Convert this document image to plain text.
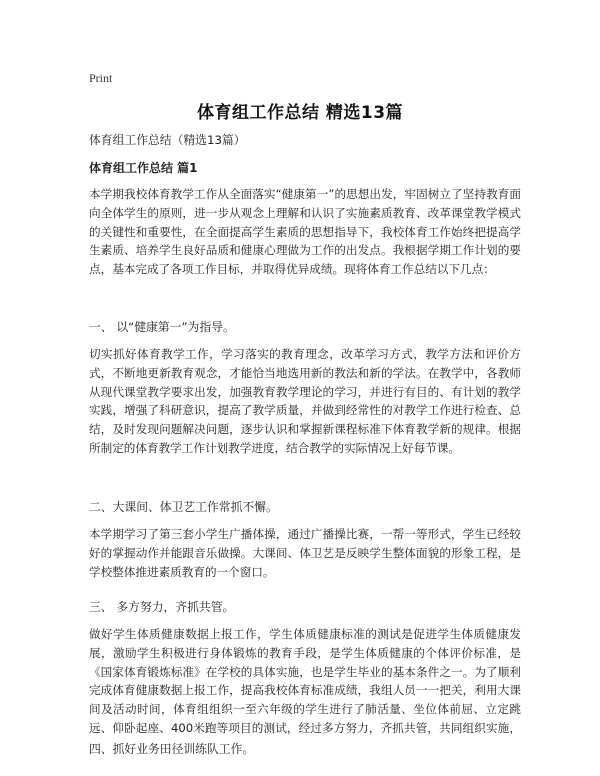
Print
体育组工作总结 精选13篇

体育组工作总结（精选13篇）

体育组工作总结 篇1

本学期我校体育教学工作从全面落实“健康第一”的思想出发，牢固树立了坚持教育面向全体学生的原则，进一步从观念上理解和认识了实施素质教育、改革课堂教学模式的关键性和重要性，在全面提高学生素质的思想指导下，我校体育工作始终把提高学生素质、培养学生良好品质和健康心理做为工作的出发点。我根据学期工作计划的要点，基本完成了各项工作目标，并取得优异成绩。现将体育工作总结以下几点：

一、 以“健康第一”为指导。

切实抓好体育教学工作，学习落实的教育理念，改革学习方式，教学方法和评价方式，不断地更新教育观念，才能恰当地选用新的教法和新的学法。在教学中，各教师从现代课堂教学要求出发，加强教育教学理论的学习，并进行有目的、有计划的教学实践，增强了科研意识，提高了教学质量，并做到经常性的对教学工作进行检查、总结，及时发现问题解决问题，逐步认识和掌握新课程标准下体育教学新的规律。根据所制定的体育教学工作计划教学进度，结合教学的实际情况上好每节课。

二、大课间、体卫艺工作常抓不懈。

本学期学习了第三套小学生广播体操，通过广播操比赛，一帮一等形式，学生已经较好的掌握动作并能跟音乐做操。大课间、体卫艺是反映学生整体面貌的形象工程，是学校整体推进素质教育的一个窗口。

三、 多方努力，齐抓共管。

做好学生体质健康数据上报工作，学生体质健康标准的测试是促进学生体质健康发展，激励学生积极进行身体锻炼的教育手段，是学生体质健康的个体评价标准，是《国家体育锻炼标准》在学校的具体实施，也是学生毕业的基本条件之一。为了顺利完成体育健康数据上报工作，提高我校体育标准成绩，我组人员一一把关，利用大课间及活动时间，体育组组织一至六年级的学生进行了肺活量、坐位体前屈、立定跳远、仰卧起座、400米跑等项目的测试，经过多方努力，齐抓共管，共同组织实施，

四、抓好业务田径训练队工作。
